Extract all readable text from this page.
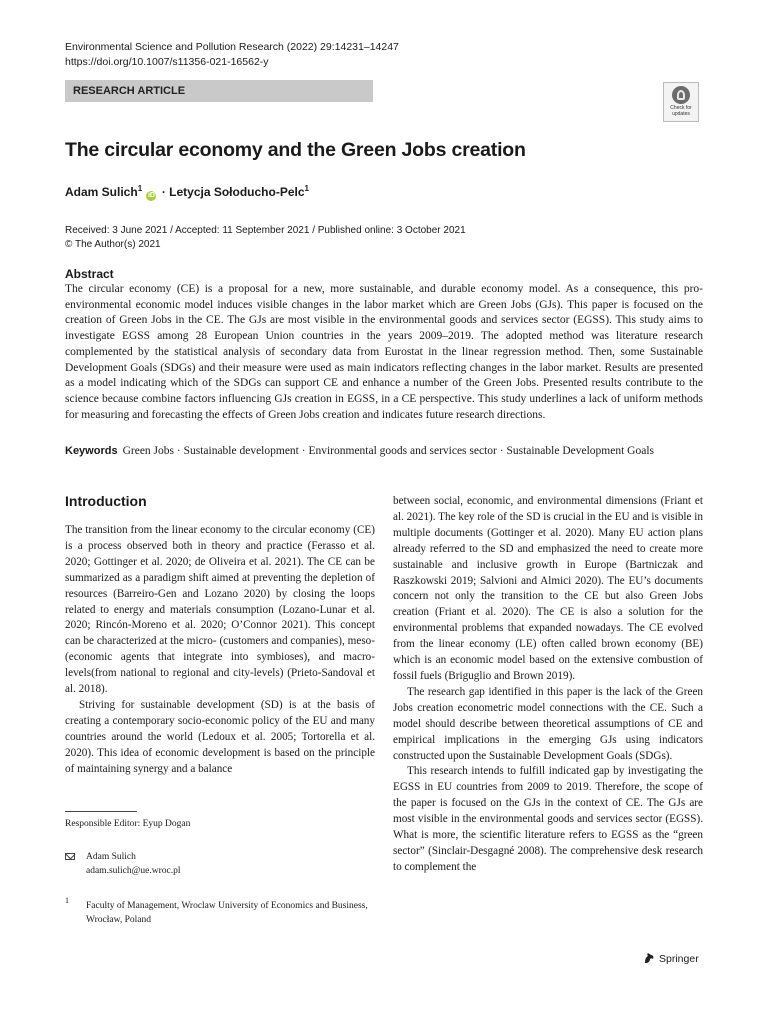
Environmental Science and Pollution Research (2022) 29:14231–14247
https://doi.org/10.1007/s11356-021-16562-y
RESEARCH ARTICLE
Check for updates
The circular economy and the Green Jobs creation
Adam Sulich$^1$ iD · Letycja Sołoducho-Pelc$^1$
Received: 3 June 2021 / Accepted: 11 September 2021 / Published online: 3 October 2021
© The Author(s) 2021
Abstract
The circular economy (CE) is a proposal for a new, more sustainable, and durable economy model. As a consequence, this pro-environmental economic model induces visible changes in the labor market which are Green Jobs (GJs). This paper is focused on the creation of Green Jobs in the CE. The GJs are most visible in the environmental goods and services sector (EGSS). This study aims to investigate EGSS among 28 European Union countries in the years 2009–2019. The adopted method was literature research complemented by the statistical analysis of secondary data from Eurostat in the linear regression method. Then, some Sustainable Development Goals (SDGs) and their measure were used as main indicators reflecting changes in the labor market. Results are presented as a model indicating which of the SDGs can support CE and enhance a number of the Green Jobs. Presented results contribute to the science because combine factors influencing GJs creation in EGSS, in a CE perspective. This study underlines a lack of uniform methods for measuring and forecasting the effects of Green Jobs creation and indicates future research directions.
Keywords Green Jobs · Sustainable development · Environmental goods and services sector · Sustainable Development Goals
Introduction

The transition from the linear economy to the circular economy (CE) is a process observed both in theory and practice (Ferasso et al. 2020; Gottinger et al. 2020; de Oliveira et al. 2021). The CE can be summarized as a paradigm shift aimed at preventing the depletion of resources (Barreiro-Gen and Lozano 2020) by closing the loops related to energy and materials consumption (Lozano-Lunar et al. 2020; Rincón-Moreno et al. 2020; O’Connor 2021). This concept can be characterized at the micro- (customers and companies), meso- (economic agents that integrate into symbioses), and macro-levels(from national to regional and city-levels) (Prieto-Sandoval et al. 2018).

Striving for sustainable development (SD) is at the basis of creating a contemporary socio-economic policy of the EU and many countries around the world (Ledoux et al. 2005; Tortorella et al. 2020). This idea of economic development is based on the principle of maintaining synergy and a balance

between social, economic, and environmental dimensions (Friant et al. 2021). The key role of the SD is crucial in the EU and is visible in multiple documents (Gottinger et al. 2020). Many EU action plans already referred to the SD and emphasized the need to create more sustainable and inclusive growth in Europe (Bartniczak and Raszkowski 2019; Salvioni and Almici 2020). The EU’s documents concern not only the transition to the CE but also Green Jobs creation (Friant et al. 2020). The CE is also a solution for the environmental problems that expanded nowadays. The CE evolved from the linear economy (LE) often called brown economy (BE) which is an economic model based on the extensive combustion of fossil fuels (Briguglio and Brown 2019).

The research gap identified in this paper is the lack of the Green Jobs creation econometric model connections with the CE. Such a model should describe between theoretical assumptions of CE and empirical implications in the emerging GJs using indicators constructed upon the Sustainable Development Goals (SDGs).

This research intends to fulfill indicated gap by investigating the EGSS in EU countries from 2009 to 2019. Therefore, the scope of the paper is focused on the GJs in the context of CE. The GJs are most visible in the environmental goods and services sector (EGSS). What is more, the scientific literature refers to EGSS as the “green sector” (Sinclair-Desgagné 2008). The comprehensive desk research to complement the

Responsible Editor: Eyup Dogan
Adam Sulich
adam.sulich@ue.wroc.pl
1
Faculty of Management, Wroclaw University of Economics and Business, Wrocław, Poland
Springer
